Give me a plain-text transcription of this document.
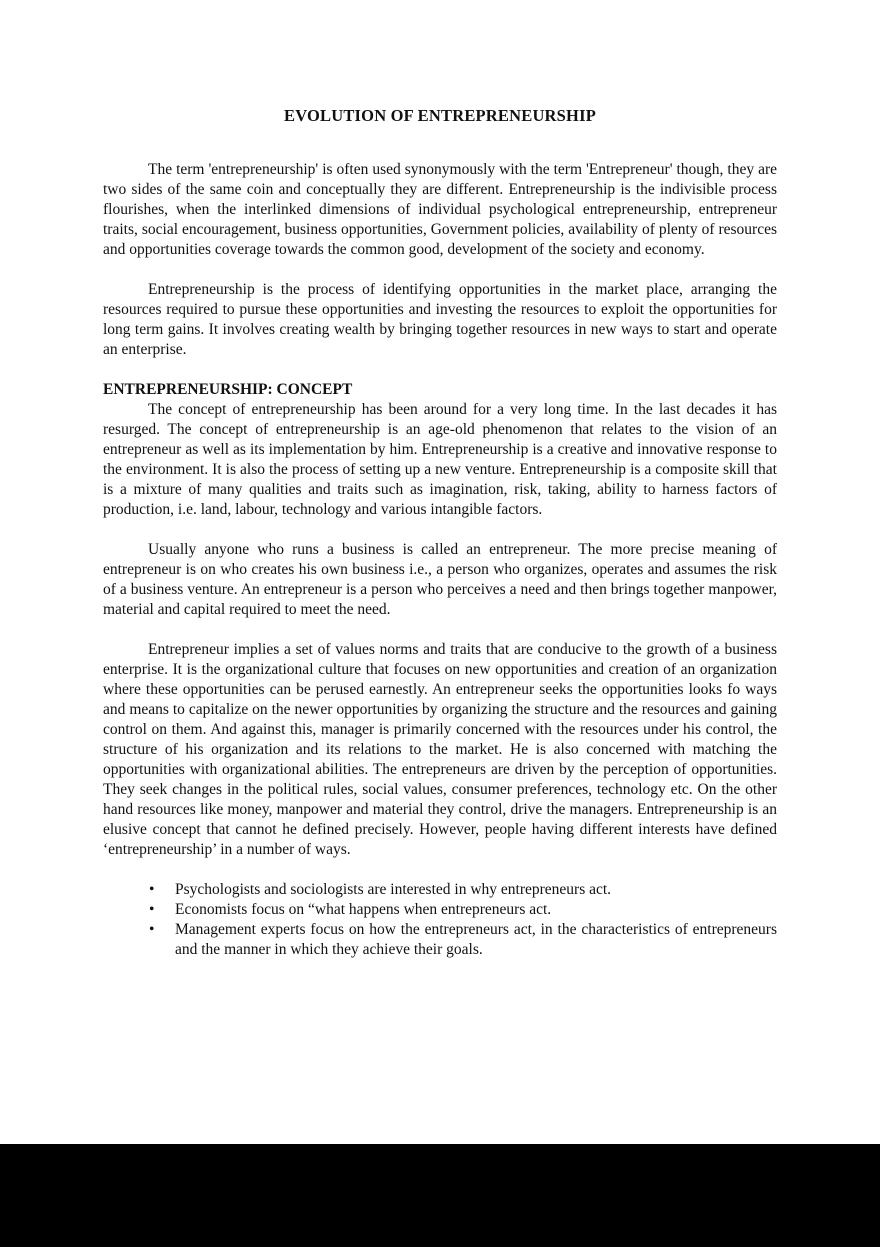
EVOLUTION OF ENTREPRENEURSHIP

The term 'entrepreneurship' is often used synonymously with the term 'Entrepreneur' though, they are two sides of the same coin and conceptually they are different. Entrepreneurship is the indivisible process flourishes, when the interlinked dimensions of individual psychological entrepreneurship, entrepreneur traits, social encouragement, business opportunities, Government policies, availability of plenty of resources and opportunities coverage towards the common good, development of the society and economy.

Entrepreneurship is the process of identifying opportunities in the market place, arranging the resources required to pursue these opportunities and investing the resources to exploit the opportunities for long term gains. It involves creating wealth by bringing together resources in new ways to start and operate an enterprise.

ENTREPRENEURSHIP: CONCEPT

The concept of entrepreneurship has been around for a very long time. In the last decades it has resurged. The concept of entrepreneurship is an age-old phenomenon that relates to the vision of an entrepreneur as well as its implementation by him. Entrepreneurship is a creative and innovative response to the environment. It is also the process of setting up a new venture. Entrepreneurship is a composite skill that is a mixture of many qualities and traits such as imagination, risk, taking, ability to harness factors of production, i.e. land, labour, technology and various intangible factors.

Usually anyone who runs a business is called an entrepreneur. The more precise meaning of entrepreneur is on who creates his own business i.e., a person who organizes, operates and assumes the risk of a business venture. An entrepreneur is a person who perceives a need and then brings together manpower, material and capital required to meet the need.

Entrepreneur implies a set of values norms and traits that are conducive to the growth of a business enterprise. It is the organizational culture that focuses on new opportunities and creation of an organization where these opportunities can be perused earnestly. An entrepreneur seeks the opportunities looks fo ways and means to capitalize on the newer opportunities by organizing the structure and the resources and gaining control on them. And against this, manager is primarily concerned with the resources under his control, the structure of his organization and its relations to the market. He is also concerned with matching the opportunities with organizational abilities. The entrepreneurs are driven by the perception of opportunities. They seek changes in the political rules, social values, consumer preferences, technology etc. On the other hand resources like money, manpower and material they control, drive the managers. Entrepreneurship is an elusive concept that cannot he defined precisely. However, people having different interests have defined ‘entrepreneurship’ in a number of ways.

•	Psychologists and sociologists are interested in why entrepreneurs act.
•	Economists focus on “what happens when entrepreneurs act.
•	Management experts focus on how the entrepreneurs act, in the characteristics of entrepreneurs and the manner in which they achieve their goals.
